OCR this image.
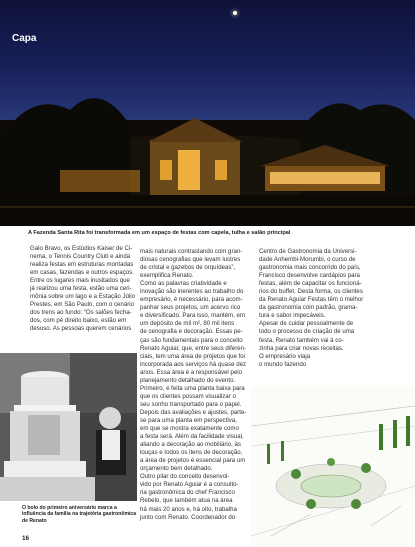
Capa
A Fazenda Santa Rita foi transformada em um espaço de festas com capela, tulha e salão principal

Galo Bravo, os Estúdios Kaiser de Ci-

nema, o Tennis Country Club e ainda

realiza festas em estruturas montadas

em casas, fazendas e outros espaços.

Entre os lugares mais inusitados que

já realizou uma festa, estão uma ceri-

mônia sobre um lago e a Estação Júlio

Prestes, em São Paulo, com o cenário

dos trens ao fundo: “Os salões fecha-

dos, com pé direito baixo, estão em

desuso. As pessoas querem cenários

mais naturais contrastando com gran-

diosas cenografias que levam lustres

de cristal e gazebos de orquídeas”,

exemplifica Renato.

Como as palavras criatividade e

inovação são inerentes ao trabalho do

empresário, é necessário, para acom-

panhar seus projetos, um acervo rico

e diversificado. Para isso, mantém, em

um depósito de mil m², 80 mil itens

de cenografia e decoração. Essas pe-

ças são fundamentais para o conceito

Renato Aguiar, que, entre seus diferen-

ciais, tem uma área de projetos que foi

incorporada aos serviços há quase dez

anos. Essa área é a responsável pelo

planejamento detalhado do evento.

Primeiro, é feita uma planta baixa para

que os clientes possam visualizar o

seu sonho transportado para o papel.

Depois das avaliações e ajustes, parte-

se para uma planta em perspectiva,

em que se mostra exatamente como

a festa será. Além da facilidade visual,

aliando a decoração ao mobiliário, às

louças e todos os itens de decoração,

a área de projetos é essencial para um

orçamento bem detalhado.

Outro pilar do conceito desenvol-

vido por Renato Aguiar é a consulto-

ria gastronômica do chef Francisco

Rebelo, que também atua na área

há mais 20 anos e, há oito, trabalha

junto com Renato. Coordenador do

Centro de Gastronomia da Universi-

dade Anhembi-Morumbi, o curso de

gastronomia mais concorrido do país,

Francisco desenvolve cardápios para

festas, além de capacitar os funcioná-

rios do buffet. Desta forma, os clientes

da Renato Aguiar Festas têm o melhor

da gastronomia com padrão, grama-

tura e sabor impecáveis.

Apesar de cuidar pessoalmente de

todo o processo de criação de uma

festa, Renato também vai à co-

zinha para criar novas receitas.

O empresário viaja

o mundo fazendo

O bolo do primeiro aniversário marca a influência da família na trajetória gastronômica de Renato
16
